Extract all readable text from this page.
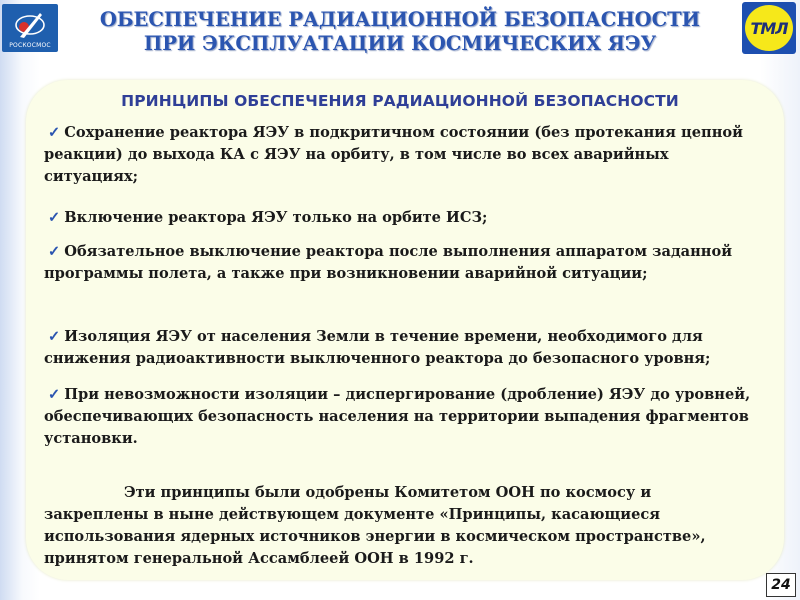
РОСКОСМОС
ОБЕСПЕЧЕНИЕ РАДИАЦИОННОЙ БЕЗОПАСНОСТИ
ПРИ ЭКСПЛУАТАЦИИ КОСМИЧЕСКИХ ЯЭУ
ТМЛ
ПРИНЦИПЫ ОБЕСПЕЧЕНИЯ РАДИАЦИОННОЙ БЕЗОПАСНОСТИ
✓ Сохранение реактора ЯЭУ в подкритичном состоянии (без протекания цепной реакции) до выхода КА с ЯЭУ на орбиту, в том числе во всех аварийных ситуациях;
✓ Включение реактора ЯЭУ только на орбите ИСЗ;
✓ Обязательное выключение реактора после выполнения аппаратом заданной программы полета, а также при возникновении аварийной ситуации;
✓ Изоляция ЯЭУ от населения Земли в течение времени, необходимого для снижения радиоактивности выключенного реактора до безопасного уровня;
✓ При невозможности изоляции – диспергирование (дробление) ЯЭУ до уровней, обеспечивающих безопасность населения на территории выпадения фрагментов установки.
Эти принципы были одобрены Комитетом ООН по космосу и закреплены в ныне действующем документе «Принципы, касающиеся использования ядерных источников энергии в космическом пространстве», принятом генеральной Ассамблеей ООН в 1992 г.
24
